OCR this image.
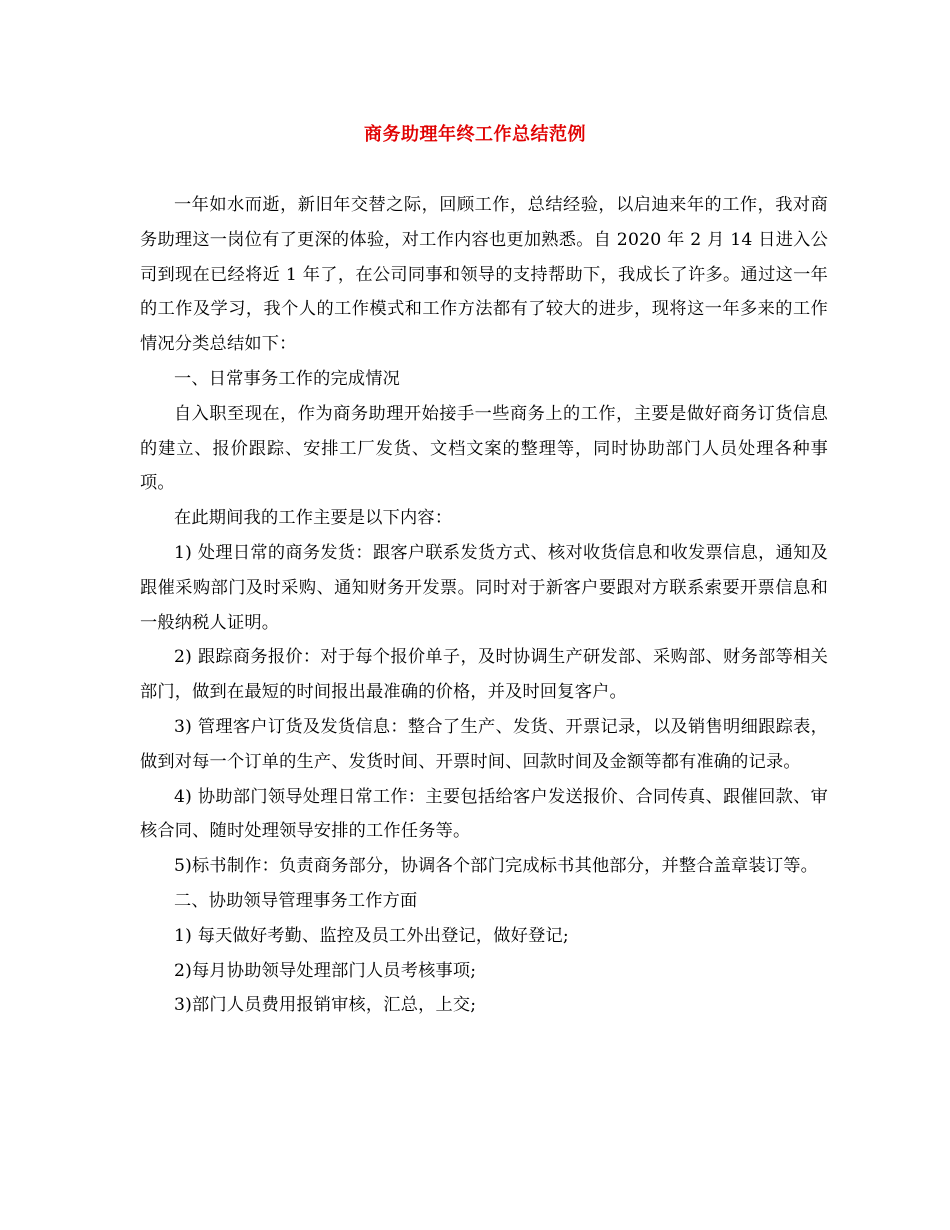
商务助理年终工作总结范例

一年如水而逝，新旧年交替之际，回顾工作，总结经验，以启迪来年的工作，我对商务助理这一岗位有了更深的体验，对工作内容也更加熟悉。自 2020 年 2 月 14 日进入公司到现在已经将近 1 年了，在公司同事和领导的支持帮助下，我成长了许多。通过这一年的工作及学习，我个人的工作模式和工作方法都有了较大的进步，现将这一年多来的工作情况分类总结如下：

一、日常事务工作的完成情况

自入职至现在，作为商务助理开始接手一些商务上的工作，主要是做好商务订货信息的建立、报价跟踪、安排工厂发货、文档文案的整理等，同时协助部门人员处理各种事项。

在此期间我的工作主要是以下内容：

1) 处理日常的商务发货：跟客户联系发货方式、核对收货信息和收发票信息，通知及跟催采购部门及时采购、通知财务开发票。同时对于新客户要跟对方联系索要开票信息和一般纳税人证明。

2) 跟踪商务报价：对于每个报价单子，及时协调生产研发部、采购部、财务部等相关部门，做到在最短的时间报出最准确的价格，并及时回复客户。

3) 管理客户订货及发货信息：整合了生产、发货、开票记录，以及销售明细跟踪表，做到对每一个订单的生产、发货时间、开票时间、回款时间及金额等都有准确的记录。

4) 协助部门领导处理日常工作：主要包括给客户发送报价、合同传真、跟催回款、审核合同、随时处理领导安排的工作任务等。

5)标书制作：负责商务部分，协调各个部门完成标书其他部分，并整合盖章装订等。

二、协助领导管理事务工作方面

1) 每天做好考勤、监控及员工外出登记，做好登记;

2)每月协助领导处理部门人员考核事项;

3)部门人员费用报销审核，汇总，上交;
